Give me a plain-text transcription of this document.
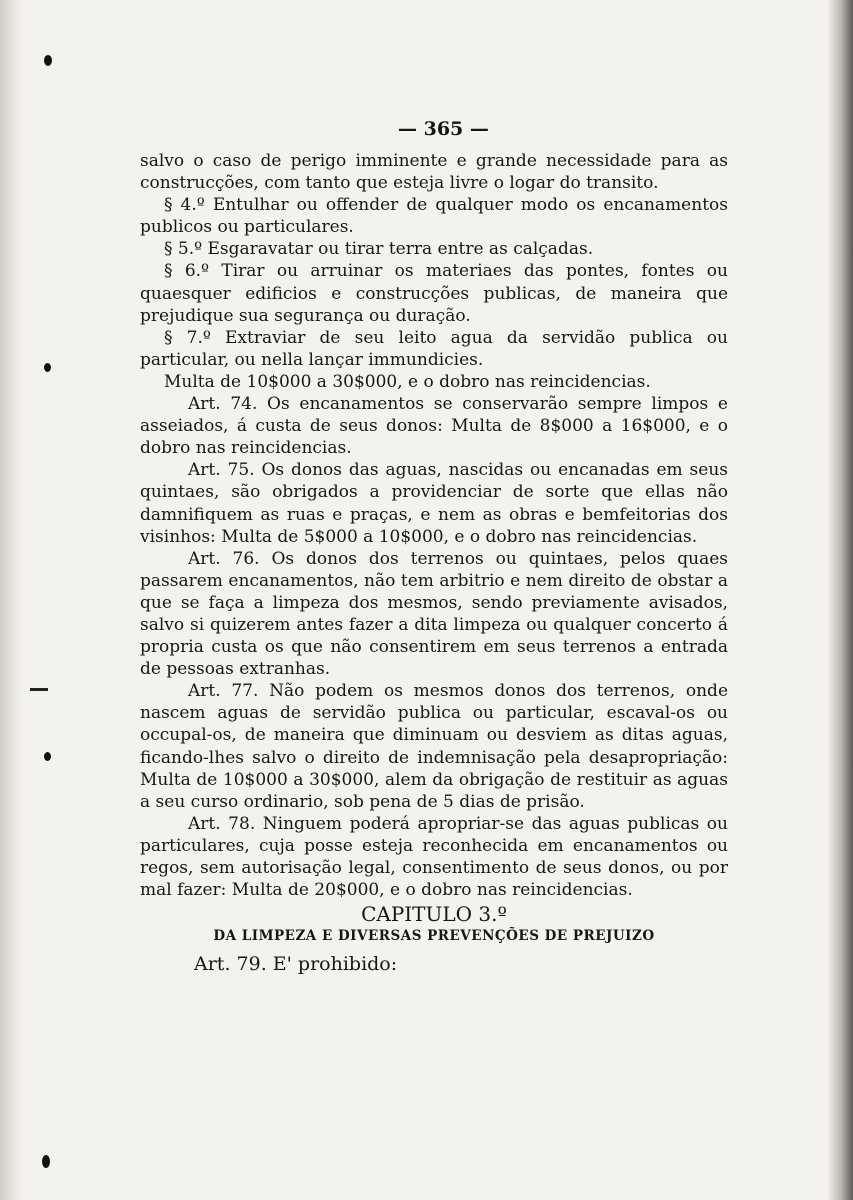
— 365 —

salvo o caso de perigo imminente e grande necessidade para as construcções, com tanto que esteja livre o logar do transito.

§ 4.º Entulhar ou offender de qualquer modo os encanamentos publicos ou particulares.

§ 5.º Esgaravatar ou tirar terra entre as calçadas.

§ 6.º Tirar ou arruinar os materiaes das pontes, fontes ou quaesquer edificios e construcções publicas, de maneira que prejudique sua segurança ou duração.

§ 7.º Extraviar de seu leito agua da servidão publica ou particular, ou nella lançar immundicies.

Multa de 10$000 a 30$000, e o dobro nas reincidencias.

Art. 74. Os encanamentos se conservarão sempre limpos e asseiados, á custa de seus donos: Multa de 8$000 a 16$000, e o dobro nas reincidencias.

Art. 75. Os donos das aguas, nascidas ou encanadas em seus quintaes, são obrigados a providenciar de sorte que ellas não damnifiquem as ruas e praças, e nem as obras e bemfeitorias dos visinhos: Multa de 5$000 a 10$000, e o dobro nas reincidencias.

Art. 76. Os donos dos terrenos ou quintaes, pelos quaes passarem encanamentos, não tem arbitrio e nem direito de obstar a que se faça a limpeza dos mesmos, sendo previamente avisados, salvo si quizerem antes fazer a dita limpeza ou qualquer concerto á propria custa os que não consentirem em seus terrenos a entrada de pessoas extranhas.

Art. 77. Não podem os mesmos donos dos terrenos, onde nascem aguas de servidão publica ou particular, escaval-os ou occupal-os, de maneira que diminuam ou desviem as ditas aguas, ficando-lhes salvo o direito de indemnisação pela desapropriação: Multa de 10$000 a 30$000, alem da obrigação de restituir as aguas a seu curso ordinario, sob pena de 5 dias de prisão.

Art. 78. Ninguem poderá apropriar-se das aguas publicas ou particulares, cuja posse esteja reconhecida em encanamentos ou regos, sem autorisação legal, consentimento de seus donos, ou por mal fazer: Multa de 20$000, e o dobro nas reincidencias.

CAPITULO 3.º

DA LIMPEZA E DIVERSAS PREVENÇÕES DE PREJUIZO

Art. 79. E' prohibido:
